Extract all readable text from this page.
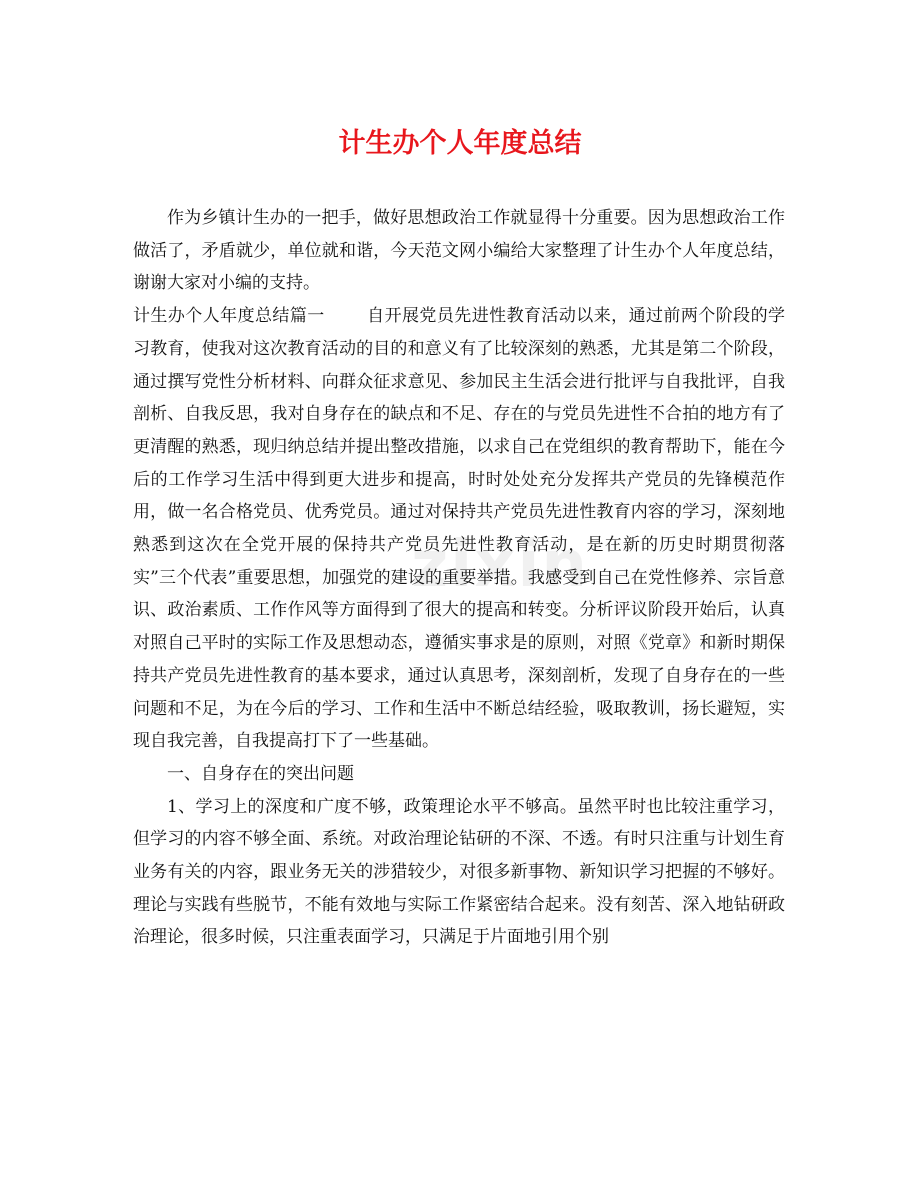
zixin
计生办个人年度总结

作为乡镇计生办的一把手，做好思想政治工作就显得十分重要。因为思想政治工作做活了，矛盾就少，单位就和谐，今天范文网小编给大家整理了计生办个人年度总结，谢谢大家对小编的支持。

计生办个人年度总结篇一 自开展党员先进性教育活动以来，通过前两个阶段的学习教育，使我对这次教育活动的目的和意义有了比较深刻的熟悉，尤其是第二个阶段，通过撰写党性分析材料、向群众征求意见、参加民主生活会进行批评与自我批评，自我剖析、自我反思，我对自身存在的缺点和不足、存在的与党员先进性不合拍的地方有了更清醒的熟悉，现归纳总结并提出整改措施，以求自己在党组织的教育帮助下，能在今后的工作学习生活中得到更大进步和提高，时时处处充分发挥共产党员的先锋模范作用，做一名合格党员、优秀党员。通过对保持共产党员先进性教育内容的学习，深刻地熟悉到这次在全党开展的保持共产党员先进性教育活动，是在新的历史时期贯彻落实”三个代表”重要思想，加强党的建设的重要举措。我感受到自己在党性修养、宗旨意识、政治素质、工作作风等方面得到了很大的提高和转变。分析评议阶段开始后，认真对照自己平时的实际工作及思想动态，遵循实事求是的原则，对照《党章》和新时期保持共产党员先进性教育的基本要求，通过认真思考，深刻剖析，发现了自身存在的一些问题和不足，为在今后的学习、工作和生活中不断总结经验，吸取教训，扬长避短，实现自我完善，自我提高打下了一些基础。

一、自身存在的突出问题

1、学习上的深度和广度不够，政策理论水平不够高。虽然平时也比较注重学习，但学习的内容不够全面、系统。对政治理论钻研的不深、不透。有时只注重与计划生育业务有关的内容，跟业务无关的涉猎较少，对很多新事物、新知识学习把握的不够好。理论与实践有些脱节，不能有效地与实际工作紧密结合起来。没有刻苦、深入地钻研政治理论，很多时候，只注重表面学习，只满足于片面地引用个别
